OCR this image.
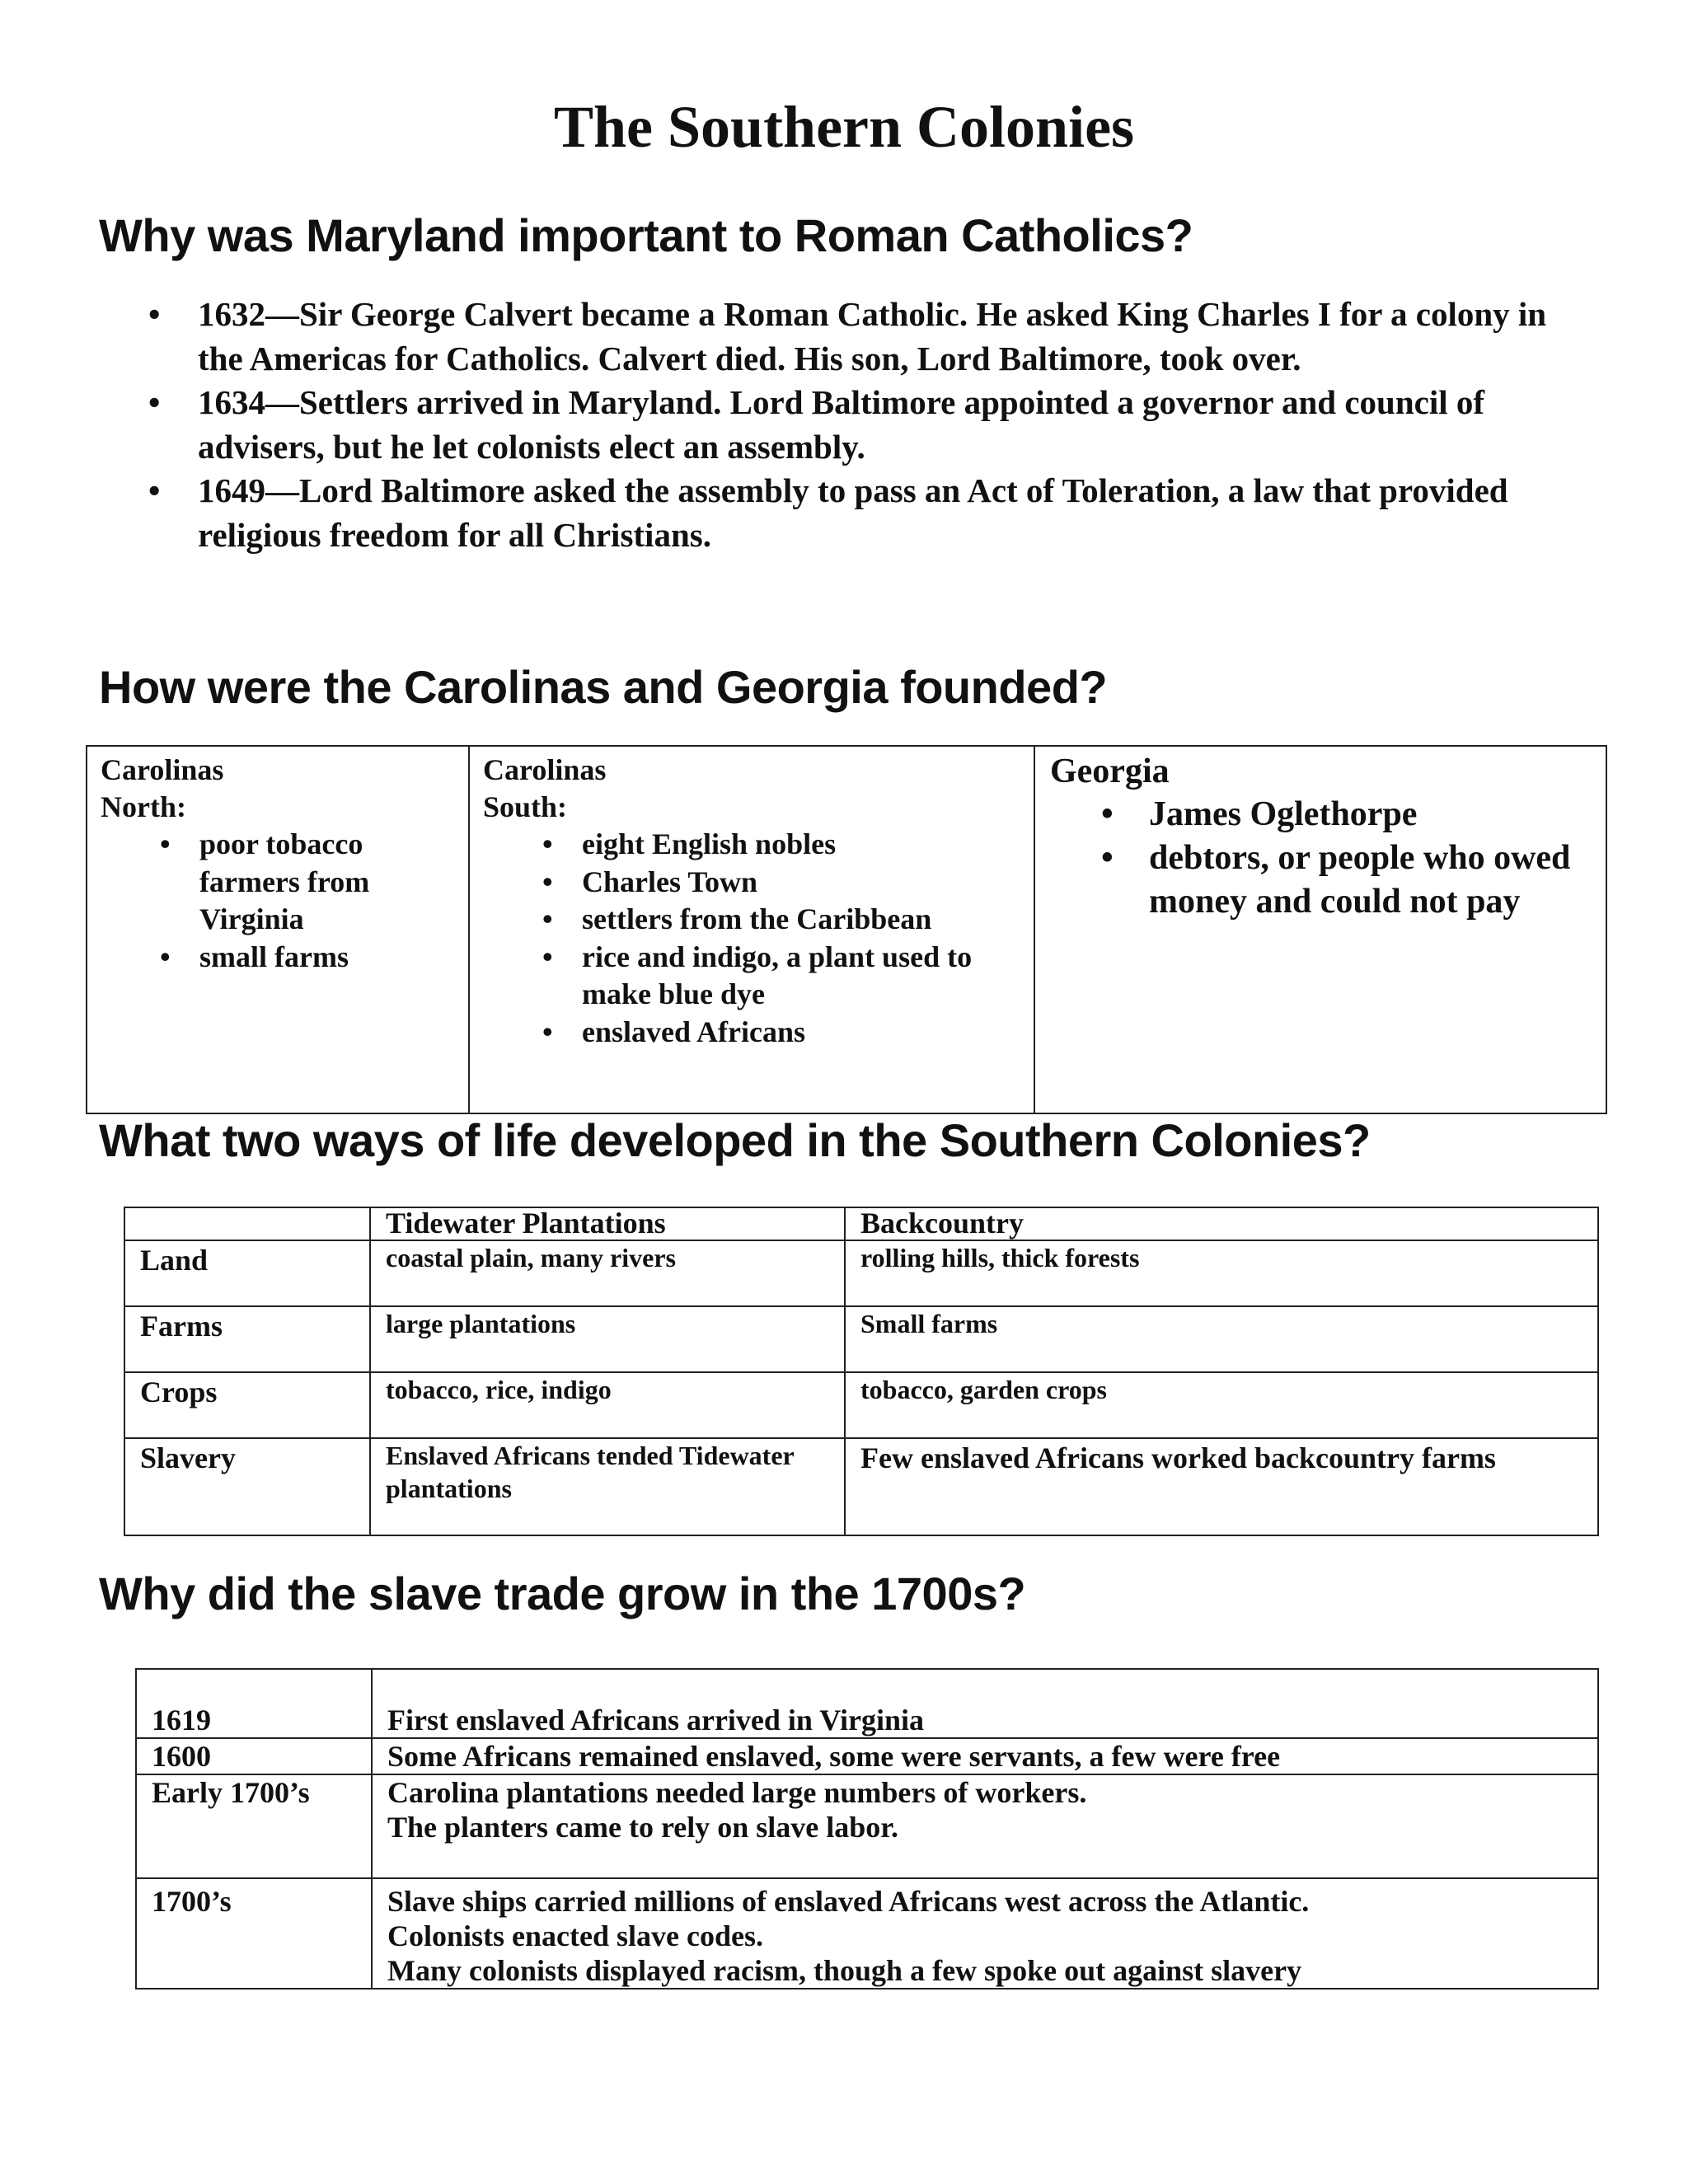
The Southern Colonies
Why was Maryland important to Roman Catholics?
• 1632—Sir George Calvert became a Roman Catholic. He asked King Charles I for a colony in the Americas for Catholics. Calvert died. His son, Lord Baltimore, took over.
• 1634—Settlers arrived in Maryland. Lord Baltimore appointed a governor and council of advisers, but he let colonists elect an assembly.
• 1649—Lord Baltimore asked the assembly to pass an Act of Toleration, a law that provided religious freedom for all Christians.
How were the Carolinas and Georgia founded?
Carolinas
North:
• poor tobacco farmers from Virginia
• small farms

Carolinas
South:
• eight English nobles
• Charles Town
• settlers from the Caribbean
• rice and indigo, a plant used to make blue dye
• enslaved Africans

Georgia
• James Oglethorpe
• debtors, or people who owed money and could not pay
What two ways of life developed in the Southern Colonies?
	Tidewater Plantations	Backcountry
Land	coastal plain, many rivers	rolling hills, thick forests
Farms	large plantations	Small farms
Crops	tobacco, rice, indigo	tobacco, garden crops
Slavery	Enslaved Africans tended Tidewater plantations	Few enslaved Africans worked backcountry farms
Why did the slave trade grow in the 1700s?
1619	First enslaved Africans arrived in Virginia
1600	Some Africans remained enslaved, some were servants, a few were free
Early 1700’s	Carolina plantations needed large numbers of workers.
The planters came to rely on slave labor.

1700’s	Slave ships carried millions of enslaved Africans west across the Atlantic.
Colonists enacted slave codes.
Many colonists displayed racism, though a few spoke out against slavery
